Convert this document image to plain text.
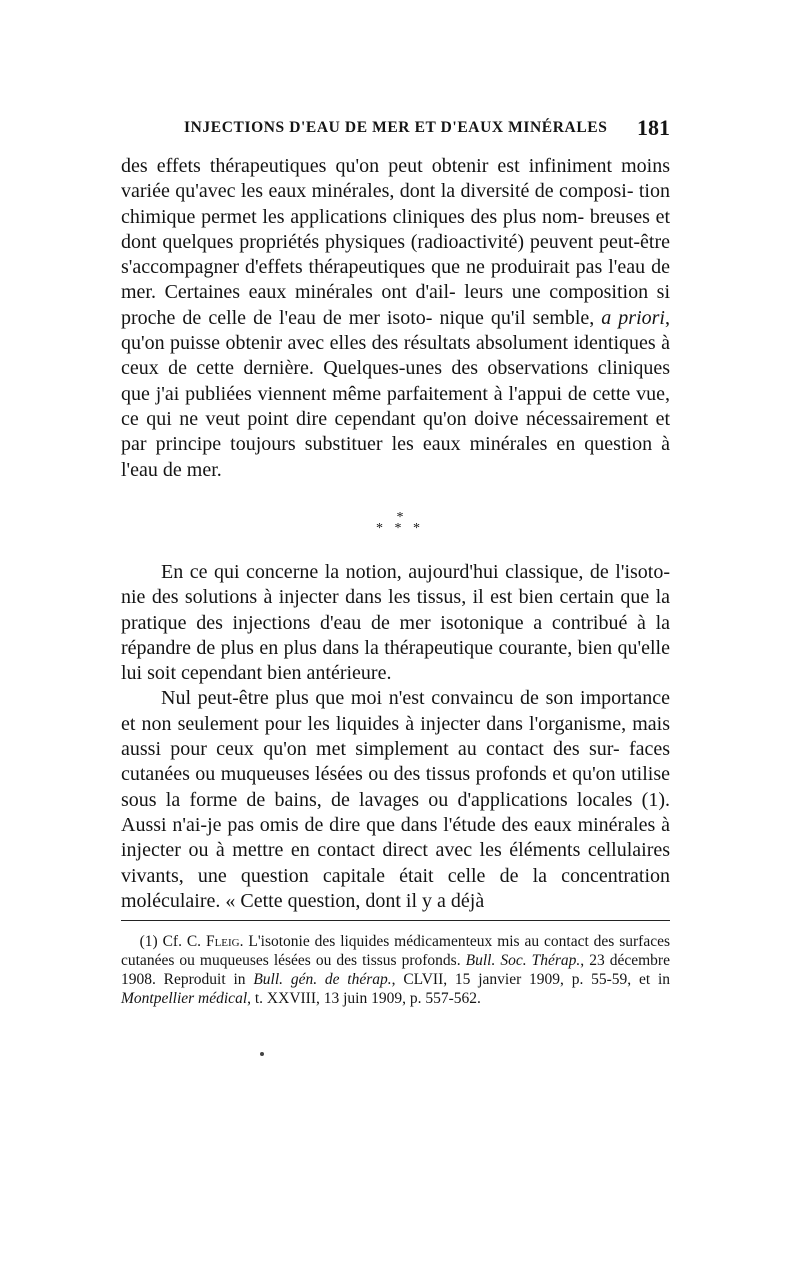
INJECTIONS D'EAU DE MER ET D'EAUX MINÉRALES 181

des effets thérapeutiques qu'on peut obtenir est infiniment moins variée qu'avec les eaux minérales, dont la diversité de composi- tion chimique permet les applications cliniques des plus nom- breuses et dont quelques propriétés physiques (radioactivité) peuvent peut-être s'accompagner d'effets thérapeutiques que ne produirait pas l'eau de mer. Certaines eaux minérales ont d'ail- leurs une composition si proche de celle de l'eau de mer isoto- nique qu'il semble, a priori, qu'on puisse obtenir avec elles des résultats absolument identiques à ceux de cette dernière. Quelques-unes des observations cliniques que j'ai publiées viennent même parfaitement à l'appui de cette vue, ce qui ne veut point dire cependant qu'on doive nécessairement et par principe toujours substituer les eaux minérales en question à l'eau de mer.

*
* * *

En ce qui concerne la notion, aujourd'hui classique, de l'isoto- nie des solutions à injecter dans les tissus, il est bien certain que la pratique des injections d'eau de mer isotonique a contribué à la répandre de plus en plus dans la thérapeutique courante, bien qu'elle lui soit cependant bien antérieure.

Nul peut-être plus que moi n'est convaincu de son importance et non seulement pour les liquides à injecter dans l'organisme, mais aussi pour ceux qu'on met simplement au contact des sur- faces cutanées ou muqueuses lésées ou des tissus profonds et qu'on utilise sous la forme de bains, de lavages ou d'applications locales (1). Aussi n'ai-je pas omis de dire que dans l'étude des eaux minérales à injecter ou à mettre en contact direct avec les éléments cellulaires vivants, une question capitale était celle de la concentration moléculaire. « Cette question, dont il y a déjà

(1) Cf. C. Fleig. L'isotonie des liquides médicamenteux mis au contact des surfaces cutanées ou muqueuses lésées ou des tissus profonds. Bull. Soc. Thérap., 23 décembre 1908. Reproduit in Bull. gén. de thérap., CLVII, 15 janvier 1909, p. 55-59, et in Montpellier médical, t. XXVIII, 13 juin 1909, p. 557-562.
